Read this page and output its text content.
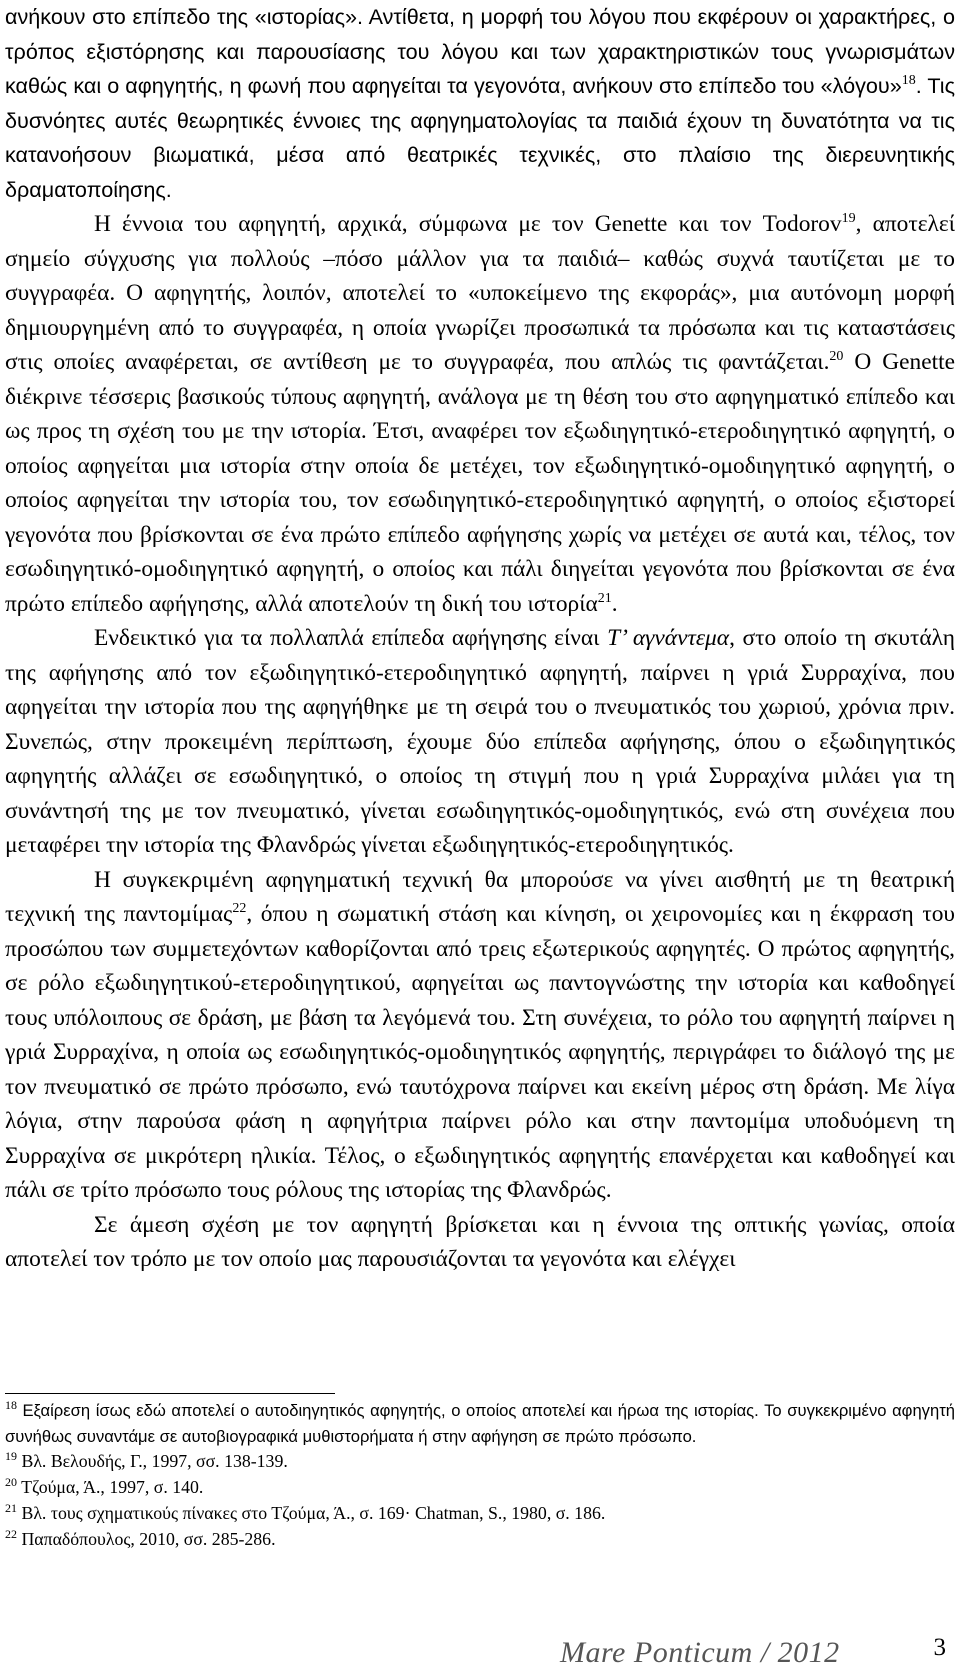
ανήκουν στο επίπεδο της «ιστορίας». Αντίθετα, η μορφή του λόγου που εκφέρουν οι χαρακτήρες, ο τρόπος εξιστόρησης και παρουσίασης του λόγου και των χαρακτηριστικών τους γνωρισμάτων καθώς και ο αφηγητής, η φωνή που αφηγείται τα γεγονότα, ανήκουν στο επίπεδο του «λόγου»$^{18}$. Τις δυσνόητες αυτές θεωρητικές έννοιες της αφηγηματολογίας τα παιδιά έχουν τη δυνατότητα να τις κατανοήσουν βιωματικά, μέσα από θεατρικές τεχνικές, στο πλαίσιο της διερευνητικής δραματοποίησης.

Η έννοια του αφηγητή, αρχικά, σύμφωνα με τον Genette και τον Todorov$^{19}$, αποτελεί σημείο σύγχυσης για πολλούς –πόσο μάλλον για τα παιδιά– καθώς συχνά ταυτίζεται με το συγγραφέα. Ο αφηγητής, λοιπόν, αποτελεί το «υποκείμενο της εκφοράς», μια αυτόνομη μορφή δημιουργημένη από το συγγραφέα, η οποία γνωρίζει προσωπικά τα πρόσωπα και τις καταστάσεις στις οποίες αναφέρεται, σε αντίθεση με το συγγραφέα, που απλώς τις φαντάζεται.$^{20}$ Ο Genette διέκρινε τέσσερις βασικούς τύπους αφηγητή, ανάλογα με τη θέση του στο αφηγηματικό επίπεδο και ως προς τη σχέση του με την ιστορία. Έτσι, αναφέρει τον εξωδιηγητικό-ετεροδιηγητικό αφηγητή, ο οποίος αφηγείται μια ιστορία στην οποία δε μετέχει, τον εξωδιηγητικό-ομοδιηγητικό αφηγητή, ο οποίος αφηγείται την ιστορία του, τον εσωδιηγητικό-ετεροδιηγητικό αφηγητή, ο οποίος εξιστορεί γεγονότα που βρίσκονται σε ένα πρώτο επίπεδο αφήγησης χωρίς να μετέχει σε αυτά και, τέλος, τον εσωδιηγητικό-ομοδιηγητικό αφηγητή, ο οποίος και πάλι διηγείται γεγονότα που βρίσκονται σε ένα πρώτο επίπεδο αφήγησης, αλλά αποτελούν τη δική του ιστορία$^{21}$.

Ενδεικτικό για τα πολλαπλά επίπεδα αφήγησης είναι Τ’ αγνάντεμα, στο οποίο τη σκυτάλη της αφήγησης από τον εξωδιηγητικό-ετεροδιηγητικό αφηγητή, παίρνει η γριά Συρραχίνα, που αφηγείται την ιστορία που της αφηγήθηκε με τη σειρά του ο πνευματικός του χωριού, χρόνια πριν. Συνεπώς, στην προκειμένη περίπτωση, έχουμε δύο επίπεδα αφήγησης, όπου ο εξωδιηγητικός αφηγητής αλλάζει σε εσωδιηγητικό, ο οποίος τη στιγμή που η γριά Συρραχίνα μιλάει για τη συνάντησή της με τον πνευματικό, γίνεται εσωδιηγητικός-ομοδιηγητικός, ενώ στη συνέχεια που μεταφέρει την ιστορία της Φλανδρώς γίνεται εξωδιηγητικός-ετεροδιηγητικός.

Η συγκεκριμένη αφηγηματική τεχνική θα μπορούσε να γίνει αισθητή με τη θεατρική τεχνική της παντομίμας$^{22}$, όπου η σωματική στάση και κίνηση, οι χειρονομίες και η έκφραση του προσώπου των συμμετεχόντων καθορίζονται από τρεις εξωτερικούς αφηγητές. Ο πρώτος αφηγητής, σε ρόλο εξωδιηγητικού-ετεροδιηγητικού, αφηγείται ως παντογνώστης την ιστορία και καθοδηγεί τους υπόλοιπους σε δράση, με βάση τα λεγόμενά του. Στη συνέχεια, το ρόλο του αφηγητή παίρνει η γριά Συρραχίνα, η οποία ως εσωδιηγητικός-ομοδιηγητικός αφηγητής, περιγράφει το διάλογό της με τον πνευματικό σε πρώτο πρόσωπο, ενώ ταυτόχρονα παίρνει και εκείνη μέρος στη δράση. Με λίγα λόγια, στην παρούσα φάση η αφηγήτρια παίρνει ρόλο και στην παντομίμα υποδυόμενη τη Συρραχίνα σε μικρότερη ηλικία. Τέλος, ο εξωδιηγητικός αφηγητής επανέρχεται και καθοδηγεί και πάλι σε τρίτο πρόσωπο τους ρόλους της ιστορίας της Φλανδρώς.

Σε άμεση σχέση με τον αφηγητή βρίσκεται και η έννοια της οπτικής γωνίας, οποία αποτελεί τον τρόπο με τον οποίο μας παρουσιάζονται τα γεγονότα και ελέγχει

$^{18}$ Εξαίρεση ίσως εδώ αποτελεί ο αυτοδιηγητικός αφηγητής, ο οποίος αποτελεί και ήρωα της ιστορίας. Το συγκεκριμένο αφηγητή συνήθως συναντάμε σε αυτοβιογραφικά μυθιστορήματα ή στην αφήγηση σε πρώτο πρόσωπο.

$^{19}$ Βλ. Βελουδής, Γ., 1997, σσ. 138-139.

$^{20}$ Τζούμα, Ά., 1997, σ. 140.

$^{21}$ Βλ. τους σχηματικούς πίνακες στο Τζούμα, Ά., σ. 169· Chatman, S., 1980, σ. 186.

$^{22}$ Παπαδόπουλος, 2010, σσ. 285-286.

Mare Ponticum / 2012	3
